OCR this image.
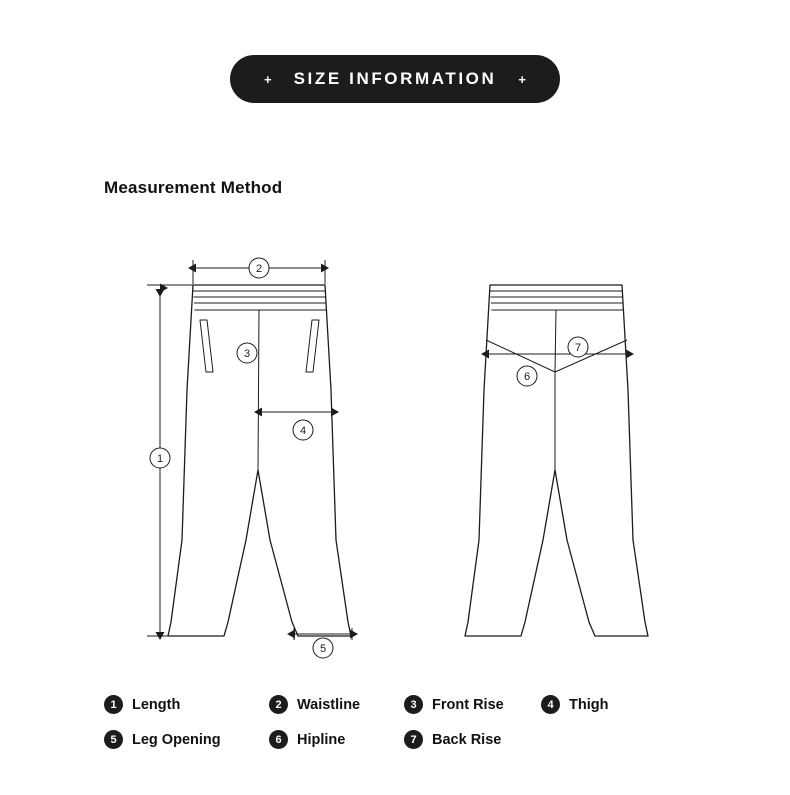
+ SIZE INFORMATION +
Measurement Method
1
2
3
4
5
6
7
1	Length	2	Waistline	3	Front Rise	4	Thigh
5	Leg Opening	6	Hipline	7	Back Rise
